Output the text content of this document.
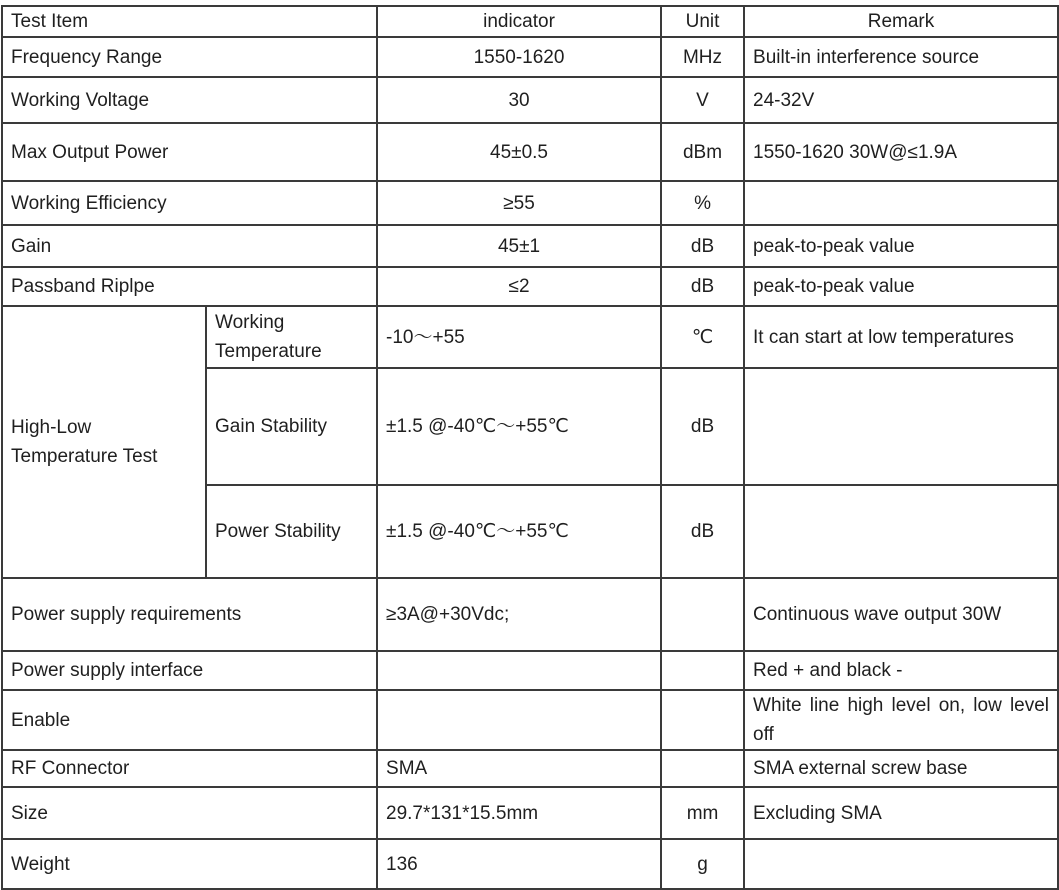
Test Item		indicator	Unit	Remark
Frequency Range		1550-1620	MHz	Built-in interference source
Working Voltage		30	V	24-32V
Max Output Power		45±0.5	dBm	1550-1620 30W@≤1.9A
Working Efficiency		≥55	%	
Gain		45±1	dB	peak-to-peak value
Passband Riplpe		≤2	dB	peak-to-peak value
High-Low Temperature Test	Working Temperature	-10～+55	℃	It can start at low temperatures
	Gain Stability	±1.5 @-40℃～+55℃	dB	
	Power Stability	±1.5 @-40℃～+55℃	dB	
Power supply requirements		≥3A@+30Vdc;		Continuous wave output 30W
Power supply interface				Red + and black -
Enable				White line high level on, low level off
RF Connector		SMA		SMA external screw base
Size		29.7*131*15.5mm	mm	Excluding SMA
Weight		136	g	
